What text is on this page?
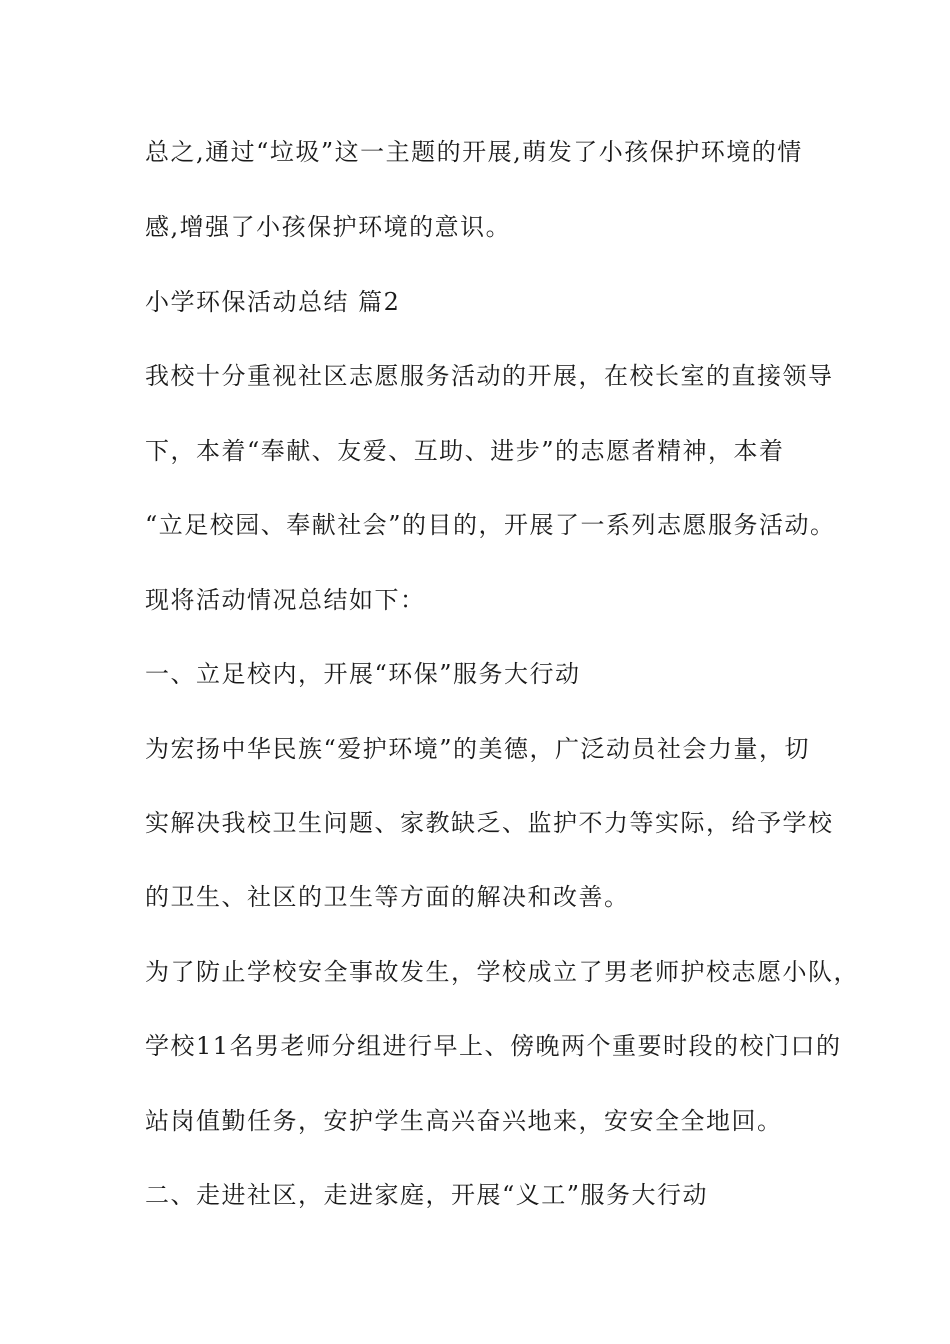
总之,通过“垃圾”这一主题的开展,萌发了小孩保护环境的情
感,增强了小孩保护环境的意识。
小学环保活动总结 篇2
我校十分重视社区志愿服务活动的开展，在校长室的直接领导
下，本着“奉献、友爱、互助、进步”的志愿者精神，本着
“立足校园、奉献社会”的目的，开展了一系列志愿服务活动。
现将活动情况总结如下：
一、立足校内，开展“环保”服务大行动
为宏扬中华民族“爱护环境”的美德，广泛动员社会力量，切
实解决我校卫生问题、家教缺乏、监护不力等实际，给予学校
的卫生、社区的卫生等方面的解决和改善。
为了防止学校安全事故发生，学校成立了男老师护校志愿小队，
学校11名男老师分组进行早上、傍晚两个重要时段的校门口的
站岗值勤任务，安护学生高兴奋兴地来，安安全全地回。
二、走进社区，走进家庭，开展“义工”服务大行动
